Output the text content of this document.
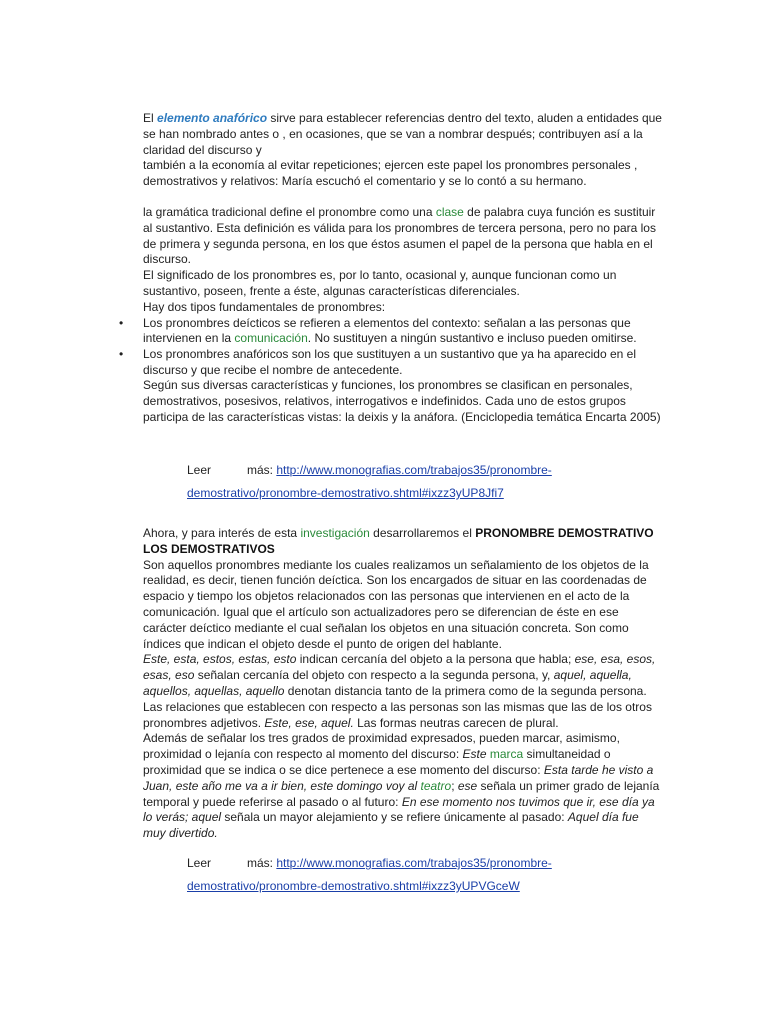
El elemento anafórico sirve para establecer referencias dentro del texto, aluden a entidades que se han nombrado antes o , en ocasiones, que se van a nombrar después; contribuyen así a la claridad del discurso y

también a la economía al evitar repeticiones; ejercen este papel los pronombres personales , demostrativos y relativos: María escuchó el comentario y se lo contó a su hermano.

la gramática tradicional define el pronombre como una clase de palabra cuya función es sustituir al sustantivo. Esta definición es válida para los pronombres de tercera persona, pero no para los de primera y segunda persona, en los que éstos asumen el papel de la persona que habla en el discurso.

El significado de los pronombres es, por lo tanto, ocasional y, aunque funcionan como un sustantivo, poseen, frente a éste, algunas características diferenciales.

Hay dos tipos fundamentales de pronombres:

• Los pronombres deícticos se refieren a elementos del contexto: señalan a las personas que intervienen en la comunicación. No sustituyen a ningún sustantivo e incluso pueden omitirse.
• Los pronombres anafóricos son los que sustituyen a un sustantivo que ya ha aparecido en el discurso y que recibe el nombre de antecedente.

Según sus diversas características y funciones, los pronombres se clasifican en personales, demostrativos, posesivos, relativos, interrogativos e indefinidos. Cada uno de estos grupos participa de las características vistas: la deixis y la anáfora. (Enciclopedia temática Encarta 2005)

Leer	más: http://www.monografias.com/trabajos35/pronombre-demostrativo/pronombre-demostrativo.shtml#ixzz3yUP8Jfi7

Ahora, y para interés de esta investigación desarrollaremos el PRONOMBRE DEMOSTRATIVO

LOS DEMOSTRATIVOS

Son aquellos pronombres mediante los cuales realizamos un señalamiento de los objetos de la realidad, es decir, tienen función deíctica. Son los encargados de situar en las coordenadas de espacio y tiempo los objetos relacionados con las personas que intervienen en el acto de la comunicación. Igual que el artículo son actualizadores pero se diferencian de éste en ese carácter deíctico mediante el cual señalan los objetos en una situación concreta. Son como índices que indican el objeto desde el punto de origen del hablante.

Este, esta, estos, estas, esto indican cercanía del objeto a la persona que habla; ese, esa, esos, esas, eso señalan cercanía del objeto con respecto a la segunda persona, y, aquel, aquella, aquellos, aquellas, aquello denotan distancia tanto de la primera como de la segunda persona. Las relaciones que establecen con respecto a las personas son las mismas que las de los otros pronombres adjetivos. Este, ese, aquel. Las formas neutras carecen de plural.

Además de señalar los tres grados de proximidad expresados, pueden marcar, asimismo, proximidad o lejanía con respecto al momento del discurso: Este marca simultaneidad o proximidad que se indica o se dice pertenece a ese momento del discurso: Esta tarde he visto a Juan, este año me va a ir bien, este domingo voy al teatro; ese señala un primer grado de lejanía temporal y puede referirse al pasado o al futuro: En ese momento nos tuvimos que ir, ese día ya lo verás; aquel señala un mayor alejamiento y se refiere únicamente al pasado: Aquel día fue muy divertido.

Leer	más: http://www.monografias.com/trabajos35/pronombre-demostrativo/pronombre-demostrativo.shtml#ixzz3yUPVGceW
